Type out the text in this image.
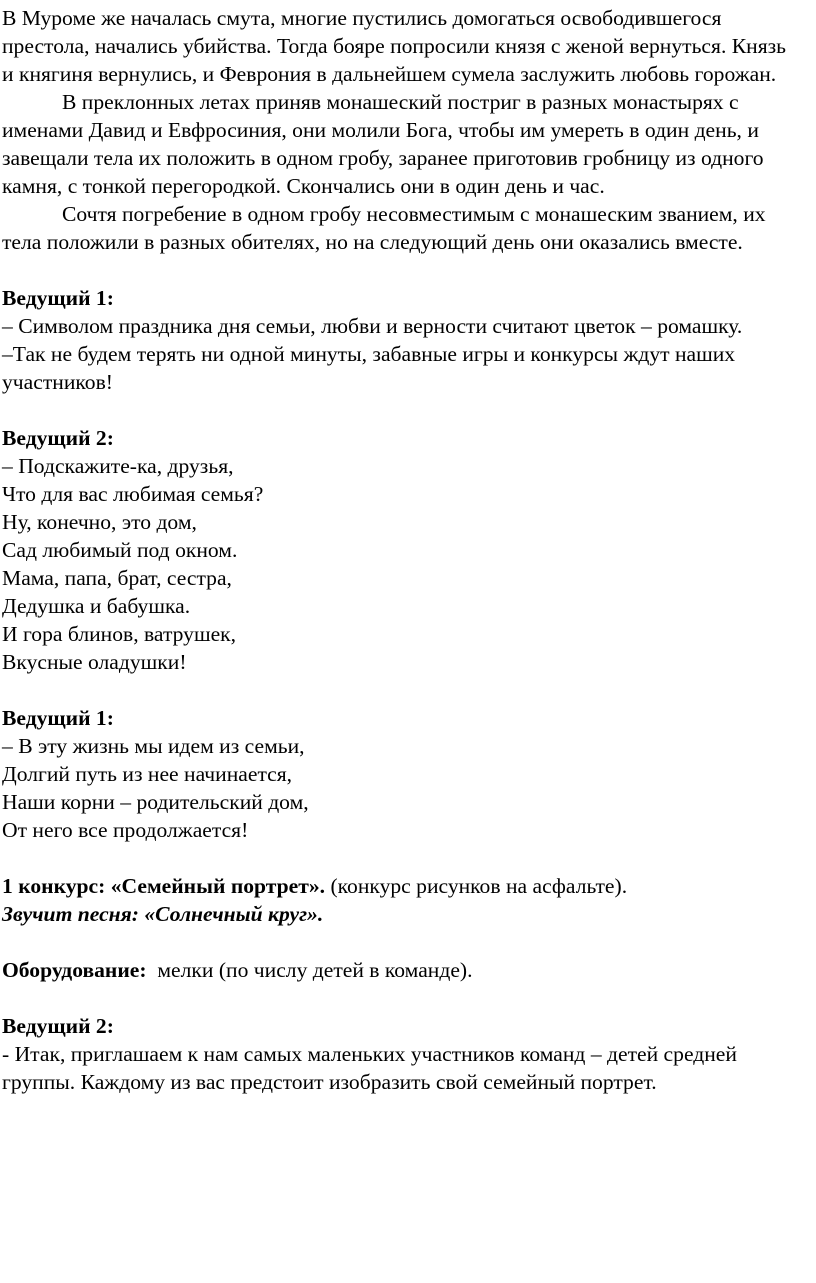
В Муроме же началась смута, многие пустились домогаться освободившегося престола, начались убийства. Тогда бояре попросили князя с женой вернуться. Князь и княгиня вернулись, и Феврония в дальнейшем сумела заслужить любовь горожан.

В преклонных летах приняв монашеский постриг в разных монастырях с именами Давид и Евфросиния, они молили Бога, чтобы им умереть в один день, и завещали тела их положить в одном гробу, заранее приготовив гробницу из одного камня, с тонкой перегородкой. Скончались они в один день и час.

Сочтя погребение в одном гробу несовместимым с монашеским званием, их тела положили в разных обителях, но на следующий день они оказались вместе.

Ведущий 1:

– Символом праздника дня семьи, любви и верности считают цветок – ромашку.

–Так не будем терять ни одной минуты, забавные игры и конкурсы ждут наших участников!

Ведущий 2:

– Подскажите-ка, друзья,

Что для вас любимая семья?

Ну, конечно, это дом,

Сад любимый под окном.

Мама, папа, брат, сестра,

Дедушка и бабушка.

И гора блинов, ватрушек,

Вкусные оладушки!

Ведущий 1:

– В эту жизнь мы идем из семьи,

Долгий путь из нее начинается,

Наши корни – родительский дом,

От него все продолжается!

1 конкурс: «Семейный портрет». (конкурс рисунков на асфальте).

Звучит песня: «Солнечный круг».

Оборудование:  мелки (по числу детей в команде).

Ведущий 2:

- Итак, приглашаем к нам самых маленьких участников команд – детей средней группы. Каждому из вас предстоит изобразить свой семейный портрет.
